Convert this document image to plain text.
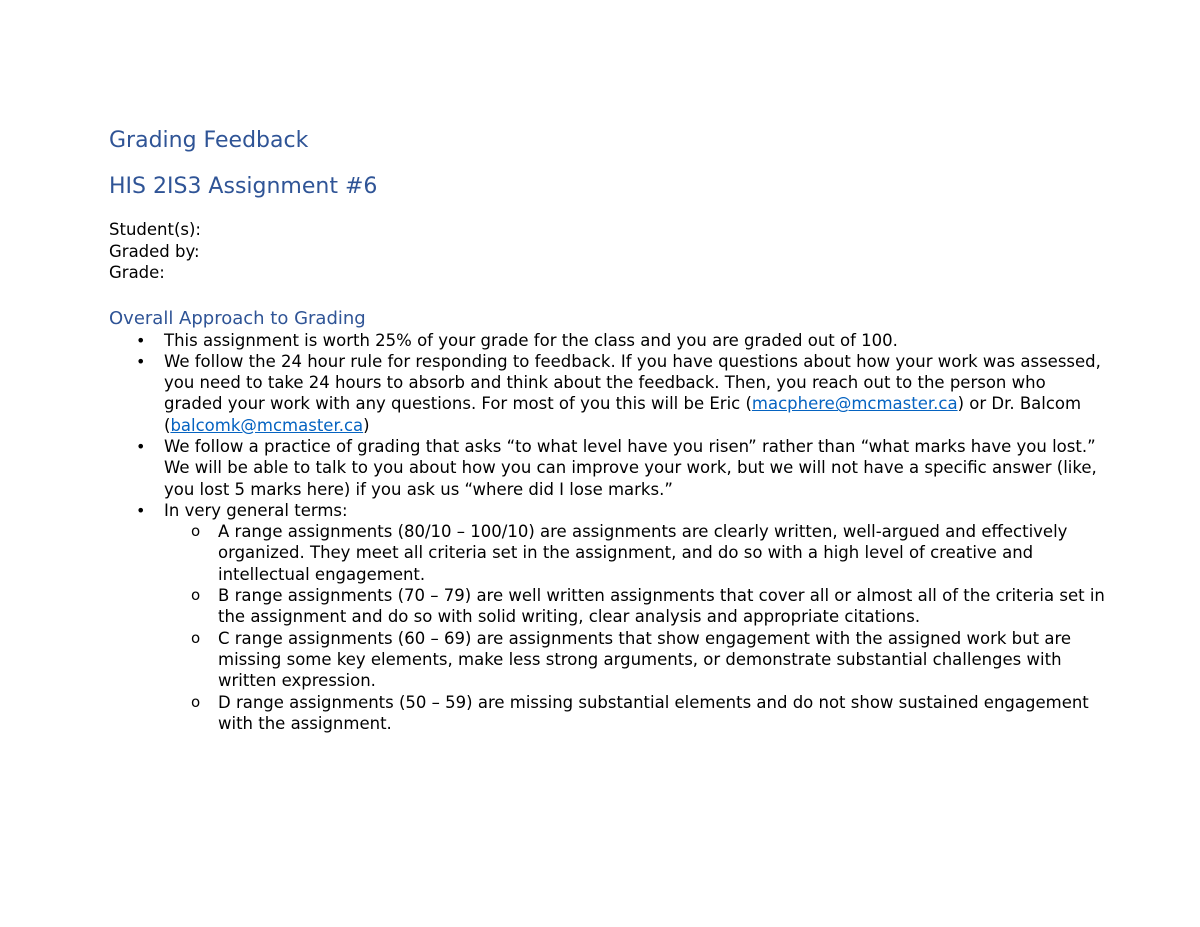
Grading Feedback
HIS 2IS3 Assignment #6
Student(s):
Graded by:
Grade:
Overall Approach to Grading
• This assignment is worth 25% of your grade for the class and you are graded out of 100.
• We follow the 24 hour rule for responding to feedback. If you have questions about how your work was assessed, you need to take 24 hours to absorb and think about the feedback. Then, you reach out to the person who graded your work with any questions. For most of you this will be Eric (macphere@mcmaster.ca) or Dr. Balcom (balcomk@mcmaster.ca)
• We follow a practice of grading that asks “to what level have you risen” rather than “what marks have you lost.” We will be able to talk to you about how you can improve your work, but we will not have a specific answer (like, you lost 5 marks here) if you ask us “where did I lose marks.”
• In very general terms:
o A range assignments (80/10 – 100/10) are assignments are clearly written, well-argued and effectively organized. They meet all criteria set in the assignment, and do so with a high level of creative and intellectual engagement.
o B range assignments (70 – 79) are well written assignments that cover all or almost all of the criteria set in the assignment and do so with solid writing, clear analysis and appropriate citations.
o C range assignments (60 – 69) are assignments that show engagement with the assigned work but are missing some key elements, make less strong arguments, or demonstrate substantial challenges with written expression.
o D range assignments (50 – 59) are missing substantial elements and do not show sustained engagement with the assignment.
